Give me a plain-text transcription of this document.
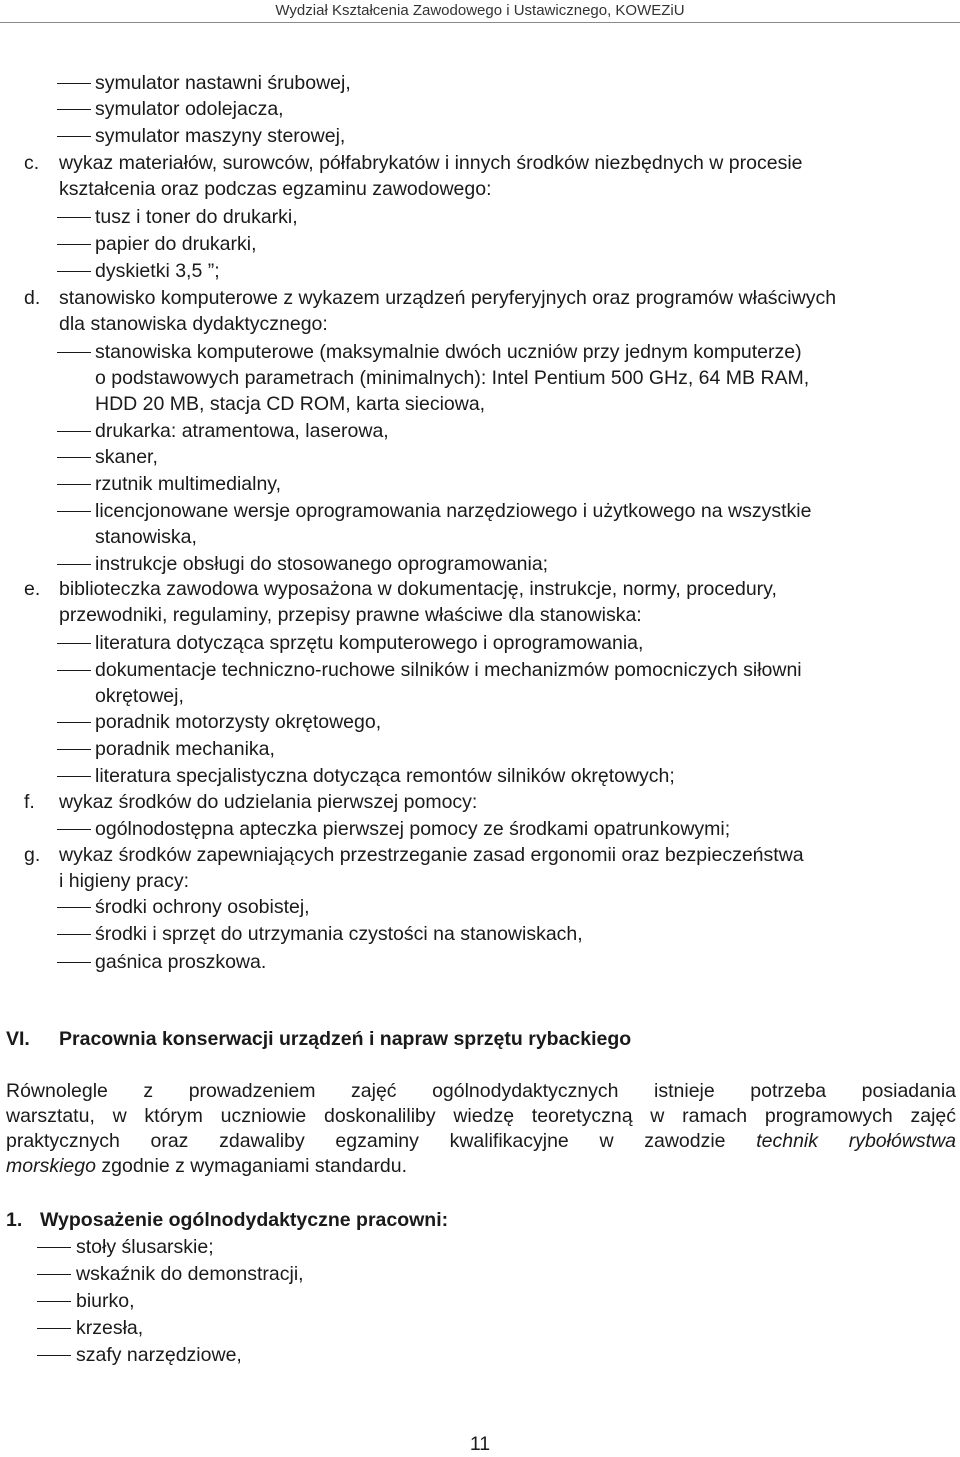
Wydział Kształcenia Zawodowego i Ustawicznego, KOWEZiU
symulator nastawni śrubowej,
symulator odolejacza,
symulator maszyny sterowej,
c. wykaz materiałów, surowców, półfabrykatów i innych środków niezbędnych w procesie
kształcenia oraz podczas egzaminu zawodowego:
tusz i toner do drukarki,
papier do drukarki,
dyskietki 3,5 ”;
d. stanowisko komputerowe z wykazem urządzeń peryferyjnych oraz programów właściwych
dla stanowiska dydaktycznego:
stanowiska komputerowe (maksymalnie dwóch uczniów przy jednym komputerze)
o podstawowych parametrach (minimalnych): Intel Pentium 500 GHz, 64 MB RAM,
HDD 20 MB, stacja CD ROM, karta sieciowa,
drukarka: atramentowa, laserowa,
skaner,
rzutnik multimedialny,
licencjonowane wersje oprogramowania narzędziowego i użytkowego na wszystkie
stanowiska,
instrukcje obsługi do stosowanego oprogramowania;
e. biblioteczka zawodowa wyposażona w dokumentację, instrukcje, normy, procedury,
przewodniki, regulaminy, przepisy prawne właściwe dla stanowiska:
literatura dotycząca sprzętu komputerowego i oprogramowania,
dokumentacje techniczno-ruchowe silników i mechanizmów pomocniczych siłowni
okrętowej,
poradnik motorzysty okrętowego,
poradnik mechanika,
literatura specjalistyczna dotycząca remontów silników okrętowych;
f. wykaz środków do udzielania pierwszej pomocy:
ogólnodostępna apteczka pierwszej pomocy ze środkami opatrunkowymi;
g. wykaz środków zapewniających przestrzeganie zasad ergonomii oraz bezpieczeństwa
i higieny pracy:
środki ochrony osobistej,
środki i sprzęt do utrzymania czystości na stanowiskach,
gaśnica proszkowa.
VI. Pracownia konserwacji urządzeń i napraw sprzętu rybackiego
Równolegle z prowadzeniem zajęć ogólnodydaktycznych istnieje potrzeba posiadania
warsztatu, w którym uczniowie doskonaliliby wiedzę teoretyczną w ramach programowych zajęć
praktycznych oraz zdawaliby egzaminy kwalifikacyjne w zawodzie technik rybołówstwa
morskiego zgodnie z wymaganiami standardu.
1. Wyposażenie ogólnodydaktyczne pracowni:
stoły ślusarskie;
wskaźnik do demonstracji,
biurko,
krzesła,
szafy narzędziowe,
11
